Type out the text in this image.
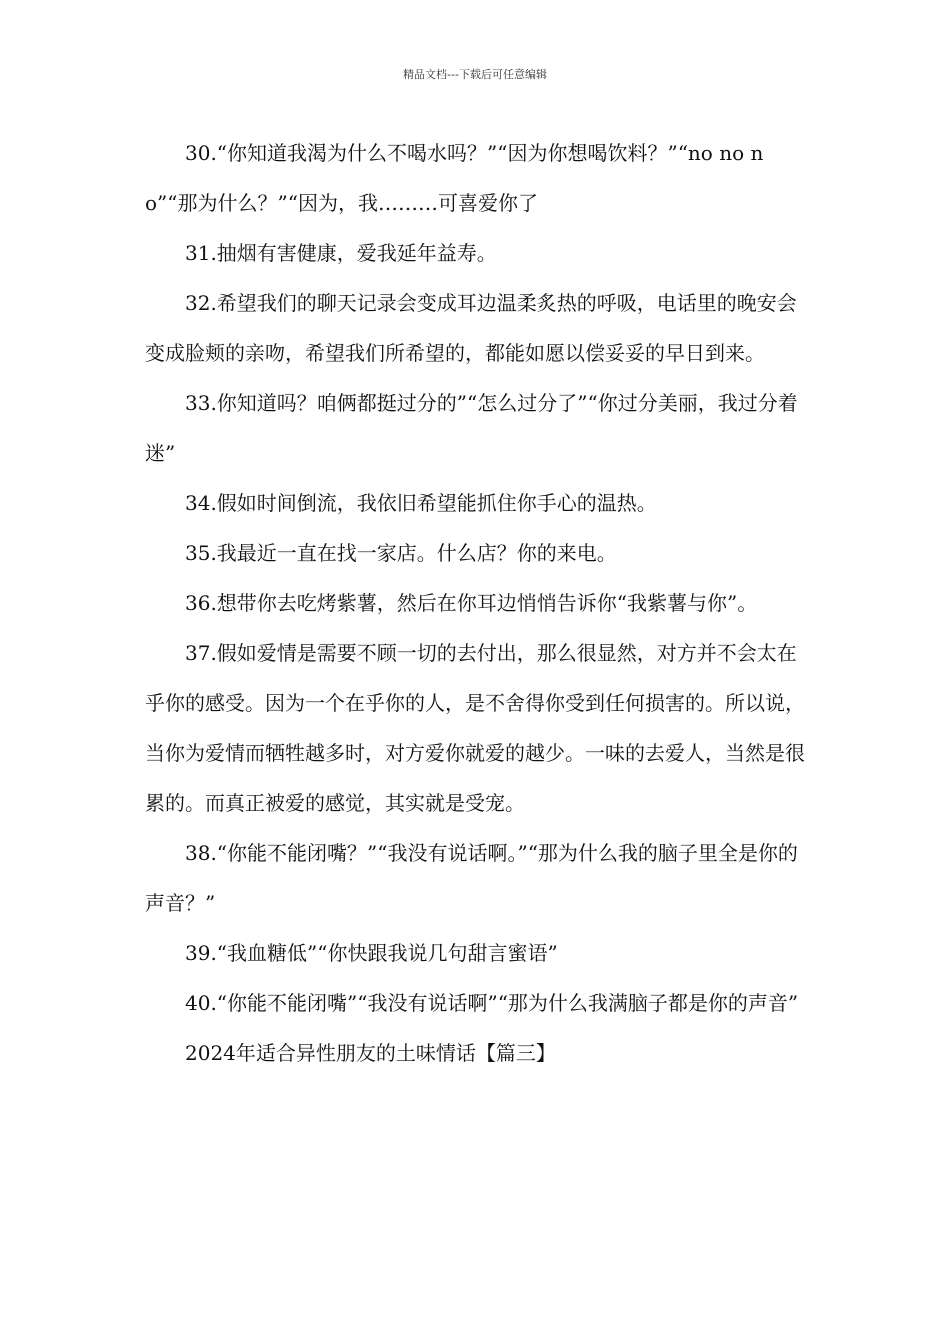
精品文档---下载后可任意编辑

30.“你知道我渴为什么不喝水吗？”“因为你想喝饮料？”“no no no”“那为什么？”“因为，我………可喜爱你了

31.抽烟有害健康，爱我延年益寿。

32.希望我们的聊天记录会变成耳边温柔炙热的呼吸，电话里的晚安会变成脸颊的亲吻，希望我们所希望的，都能如愿以偿妥妥的早日到来。

33.你知道吗？咱俩都挺过分的”“怎么过分了”“你过分美丽，我过分着迷”

34.假如时间倒流，我依旧希望能抓住你手心的温热。

35.我最近一直在找一家店。什么店？你的来电。

36.想带你去吃烤紫薯，然后在你耳边悄悄告诉你“我紫薯与你”。

37.假如爱情是需要不顾一切的去付出，那么很显然，对方并不会太在乎你的感受。因为一个在乎你的人，是不舍得你受到任何损害的。所以说，当你为爱情而牺牲越多时，对方爱你就爱的越少。一味的去爱人，当然是很累的。而真正被爱的感觉，其实就是受宠。

38.“你能不能闭嘴？”“我没有说话啊。”“那为什么我的脑子里全是你的声音？”

39.“我血糖低”“你快跟我说几句甜言蜜语”

40.“你能不能闭嘴”“我没有说话啊”“那为什么我满脑子都是你的声音”

2024年适合异性朋友的土味情话【篇三】
